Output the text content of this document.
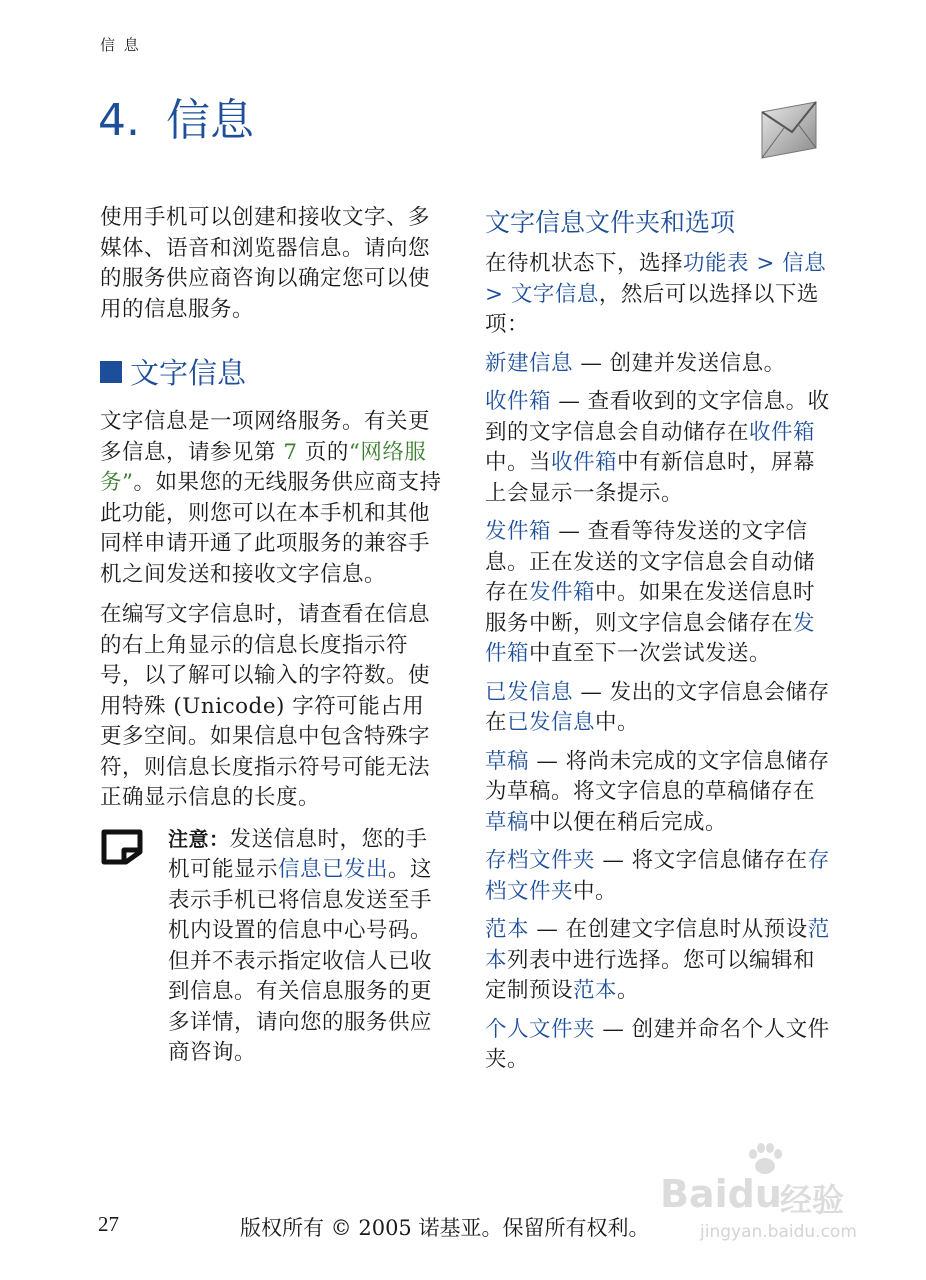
信 息
4. 信息

使用手机可以创建和接收文字、多媒体、语音和浏览器信息。请向您的服务供应商咨询以确定您可以使用的信息服务。

文字信息

文字信息是一项网络服务。有关更多信息，请参见第 7 页的“网络服务”。如果您的无线服务供应商支持此功能，则您可以在本手机和其他同样申请开通了此项服务的兼容手机之间发送和接收文字信息。

在编写文字信息时，请查看在信息的右上角显示的信息长度指示符号，以了解可以输入的字符数。使用特殊 (Unicode) 字符可能占用更多空间。如果信息中包含特殊字符，则信息长度指示符号可能无法正确显示信息的长度。

注意：发送信息时，您的手机可能显示信息已发出。这表示手机已将信息发送至手机内设置的信息中心号码。但并不表示指定收信人已收到信息。有关信息服务的更多详情，请向您的服务供应商咨询。

文字信息文件夹和选项

在待机状态下，选择功能表 > 信息 > 文字信息，然后可以选择以下选项：

新建信息 — 创建并发送信息。

收件箱 — 查看收到的文字信息。收到的文字信息会自动储存在收件箱中。当收件箱中有新信息时，屏幕上会显示一条提示。

发件箱 — 查看等待发送的文字信息。正在发送的文字信息会自动储存在发件箱中。如果在发送信息时服务中断，则文字信息会储存在发件箱中直至下一次尝试发送。

已发信息 — 发出的文字信息会储存在已发信息中。

草稿 — 将尚未完成的文字信息储存为草稿。将文字信息的草稿储存在草稿中以便在稍后完成。

存档文件夹 — 将文字信息储存在存档文件夹中。

范本 — 在创建文字信息时从预设范本列表中进行选择。您可以编辑和定制预设范本。

个人文件夹 — 创建并命名个人文件夹。

Baidu
经验
jingyan.baidu.com
27	版权所有 © 2005 诺基亚。保留所有权利。
